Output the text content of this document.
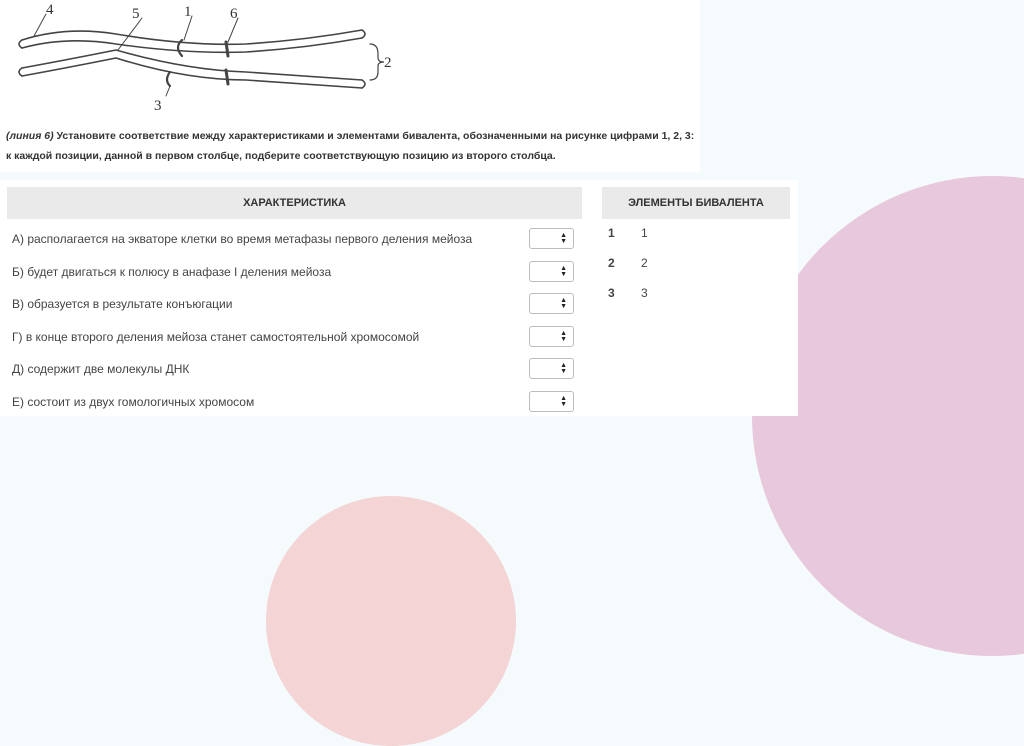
4	5	1	6
2
3
(линия 6) Установите соответствие между характеристиками и элементами бивалента, обозначенными на рисунке цифрами 1, 2, 3: к каждой позиции, данной в первом столбце, подберите соответствующую позицию из второго столбца.
ХАРАКТЕРИСТИКА	ЭЛЕМЕНТЫ БИВАЛЕНТА
А) располагается на экваторе клетки во время метафазы первого деления мейоза	▲
▼
Б) будет двигаться к полюсу в анафазе I деления мейоза	▲
▼
В) образуется в результате конъюгации	▲
▼
Г) в конце второго деления мейоза станет самостоятельной хромосомой	▲
▼
Д) содержит две молекулы ДНК	▲
▼
Е) состоит из двух гомологичных хромосом	▲
▼
1	1
2	2
3	3
